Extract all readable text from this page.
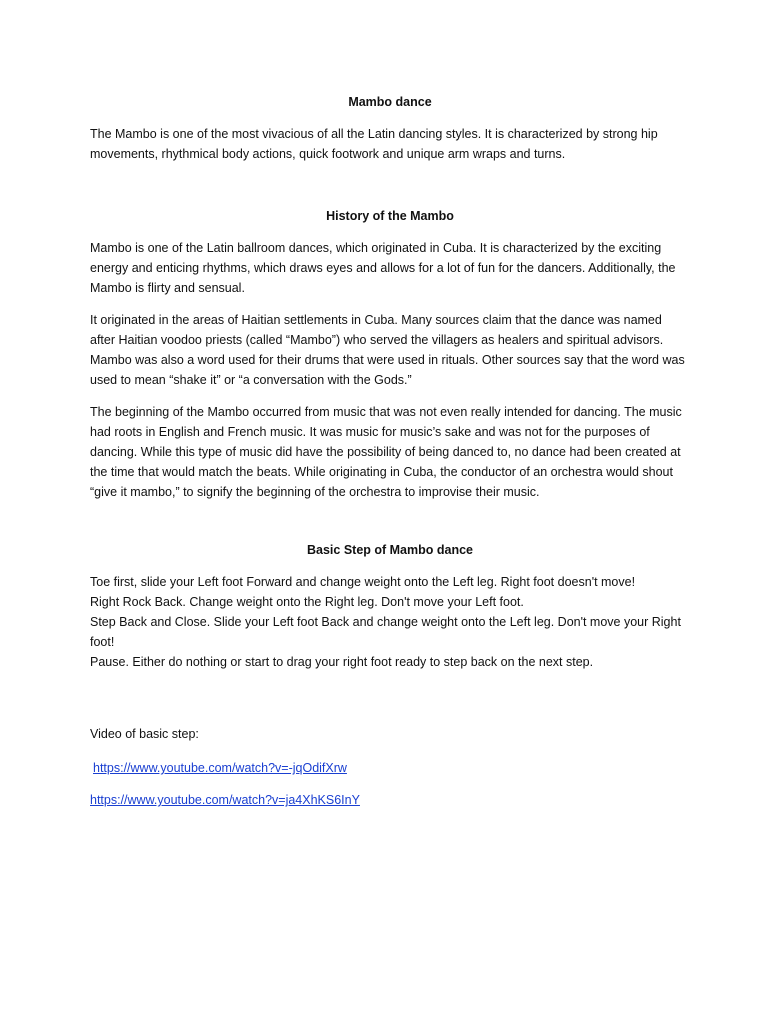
Mambo dance

The Mambo is one of the most vivacious of all the Latin dancing styles. It is characterized by strong hip movements, rhythmical body actions, quick footwork and unique arm wraps and turns.

History of the Mambo

Mambo is one of the Latin ballroom dances, which originated in Cuba. It is characterized by the exciting energy and enticing rhythms, which draws eyes and allows for a lot of fun for the dancers. Additionally, the Mambo is flirty and sensual.

It originated in the areas of Haitian settlements in Cuba. Many sources claim that the dance was named after Haitian voodoo priests (called “Mambo”) who served the villagers as healers and spiritual advisors. Mambo was also a word used for their drums that were used in rituals. Other sources say that the word was used to mean “shake it” or “a conversation with the Gods.”

The beginning of the Mambo occurred from music that was not even really intended for dancing. The music had roots in English and French music. It was music for music’s sake and was not for the purposes of dancing. While this type of music did have the possibility of being danced to, no dance had been created at the time that would match the beats. While originating in Cuba, the conductor of an orchestra would shout “give it mambo,” to signify the beginning of the orchestra to improvise their music.

Basic Step of Mambo dance

Toe first, slide your Left foot Forward and change weight onto the Left leg. Right foot doesn't move!

Right Rock Back. Change weight onto the Right leg. Don't move your Left foot.

Step Back and Close. Slide your Left foot Back and change weight onto the Left leg. Don't move your Right foot!

Pause. Either do nothing or start to drag your right foot ready to step back on the next step.

Video of basic step:

https://www.youtube.com/watch?v=-jqOdifXrw

https://www.youtube.com/watch?v=ja4XhKS6InY
